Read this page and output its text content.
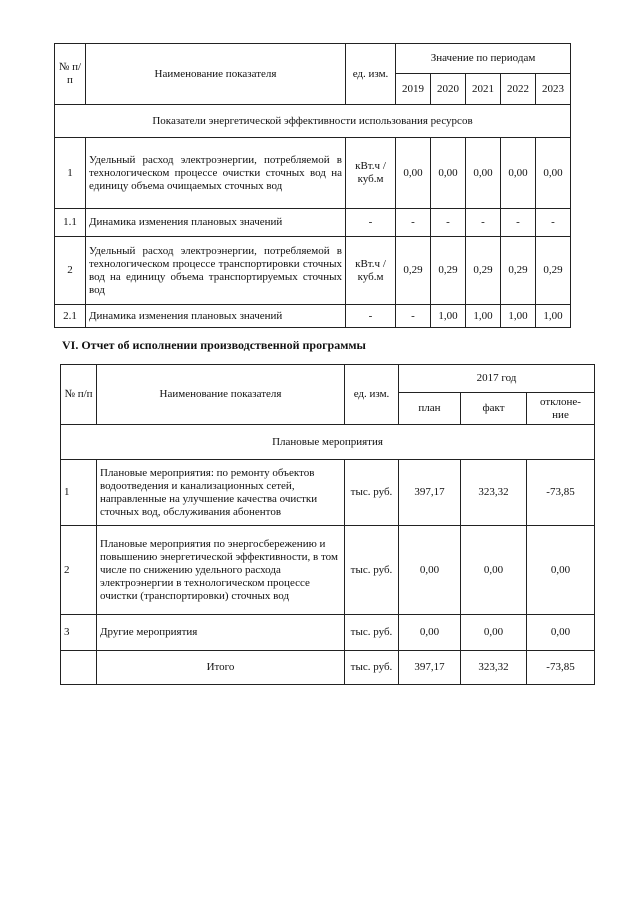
№ п/п	Наименование показателя	ед. изм.	Значение по периодам				
			2019	2020	2021	2022	2023
Показатели энергетической эффективности использования ресурсов							
1	Удельный расход электроэнергии, потребляемой в технологическом процессе очистки сточных вод на единицу объема очищаемых сточных вод	кВт.ч / куб.м	0,00	0,00	0,00	0,00	0,00
1.1	Динамика изменения плановых значений	-	-	-	-	-	-
2	Удельный расход электроэнергии, потребляемой в технологическом процессе транспортировки сточных вод на единицу объема транспортируемых сточных вод	кВт.ч / куб.м	0,29	0,29	0,29	0,29	0,29
2.1	Динамика изменения плановых значений	-	-	1,00	1,00	1,00	1,00
VI. Отчет об исполнении производственной программы
№ п/п	Наименование показателя	ед. изм.	2017 год		
			план	факт	отклоне-ние
Плановые мероприятия					
1	Плановые мероприятия: по ремонту объектов водоотведения и канализационных сетей, направленные на улучшение качества очистки сточных вод, обслуживания абонентов	тыс. руб.	397,17	323,32	-73,85
2	Плановые мероприятия по энергосбережению и повышению энергетической эффективности, в том числе по снижению удельного расхода электроэнергии в технологическом процессе очистки (транспортировки) сточных вод	тыс. руб.	0,00	0,00	0,00
3	Другие мероприятия	тыс. руб.	0,00	0,00	0,00
	Итого	тыс. руб.	397,17	323,32	-73,85
